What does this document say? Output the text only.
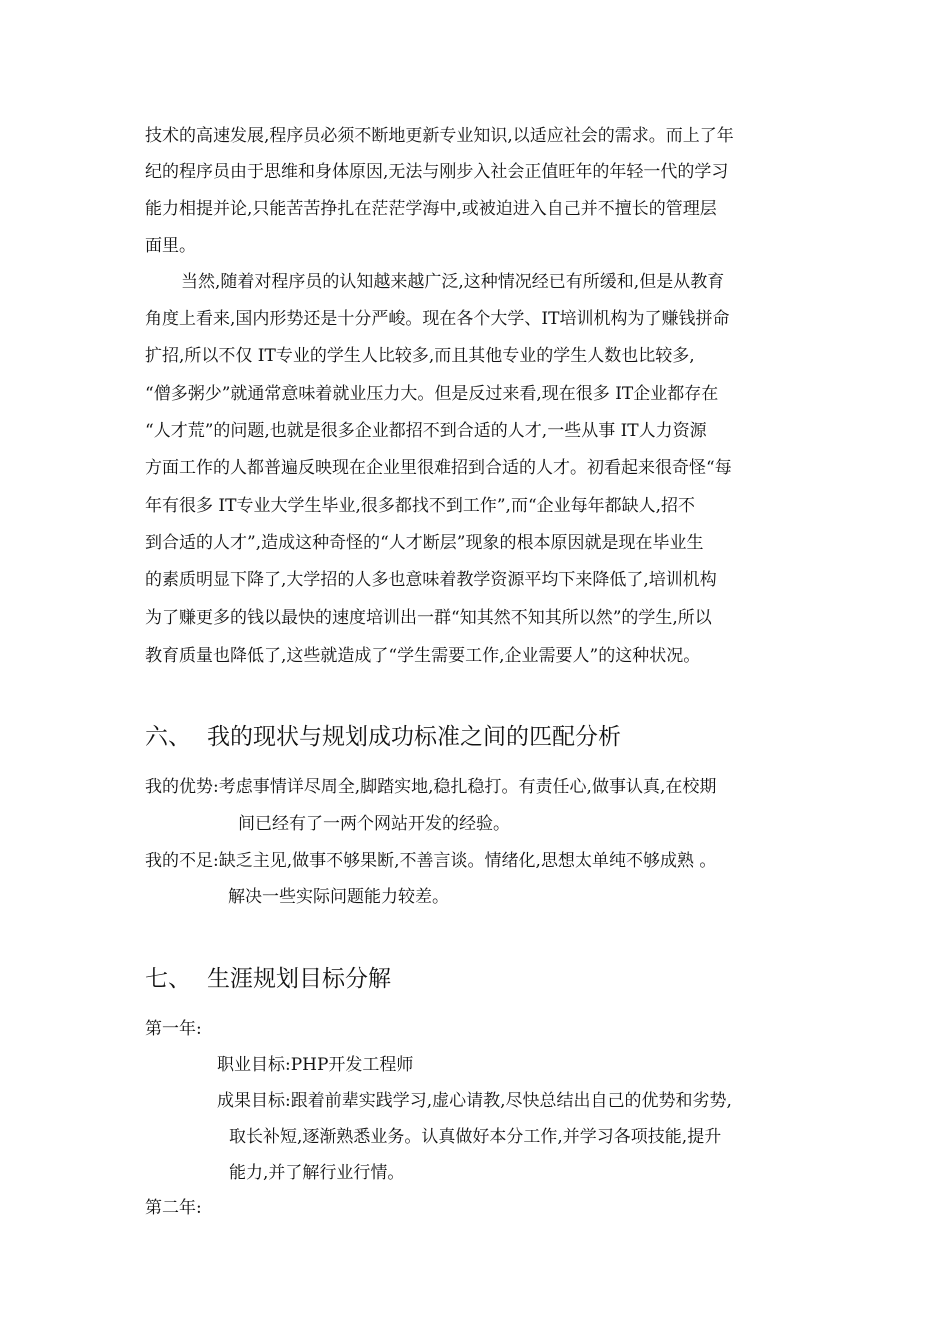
技术的高速发展,程序员必须不断地更新专业知识,以适应社会的需求。而上了年
纪的程序员由于思维和身体原因,无法与刚步入社会正值旺年的年轻一代的学习
能力相提并论,只能苦苦挣扎在茫茫学海中,或被迫进入自己并不擅长的管理层
面里。
当然,随着对程序员的认知越来越广泛,这种情况经已有所缓和,但是从教育
角度上看来,国内形势还是十分严峻。现在各个大学、IT培训机构为了赚钱拼命
扩招,所以不仅 IT专业的学生人比较多,而且其他专业的学生人数也比较多,
“僧多粥少”就通常意味着就业压力大。但是反过来看,现在很多 IT企业都存在
“人才荒”的问题,也就是很多企业都招不到合适的人才,一些从事 IT人力资源
方面工作的人都普遍反映现在企业里很难招到合适的人才。初看起来很奇怪“每
年有很多 IT专业大学生毕业,很多都找不到工作”,而“企业每年都缺人,招不
到合适的人才”,造成这种奇怪的“人才断层”现象的根本原因就是现在毕业生
的素质明显下降了,大学招的人多也意味着教学资源平均下来降低了,培训机构
为了赚更多的钱以最快的速度培训出一群“知其然不知其所以然”的学生,所以
教育质量也降低了,这些就造成了“学生需要工作,企业需要人”的这种状况。
六、 我的现状与规划成功标准之间的匹配分析
我的优势:考虑事情详尽周全,脚踏实地,稳扎稳打。有责任心,做事认真,在校期
间已经有了一两个网站开发的经验。
我的不足:缺乏主见,做事不够果断,不善言谈。情绪化,思想太单纯不够成熟 。
解决一些实际问题能力较差。
七、 生涯规划目标分解
第一年:
职业目标:PHP开发工程师
成果目标:跟着前辈实践学习,虚心请教,尽快总结出自己的优势和劣势,
取长补短,逐渐熟悉业务。认真做好本分工作,并学习各项技能,提升
能力,并了解行业行情。
第二年:
